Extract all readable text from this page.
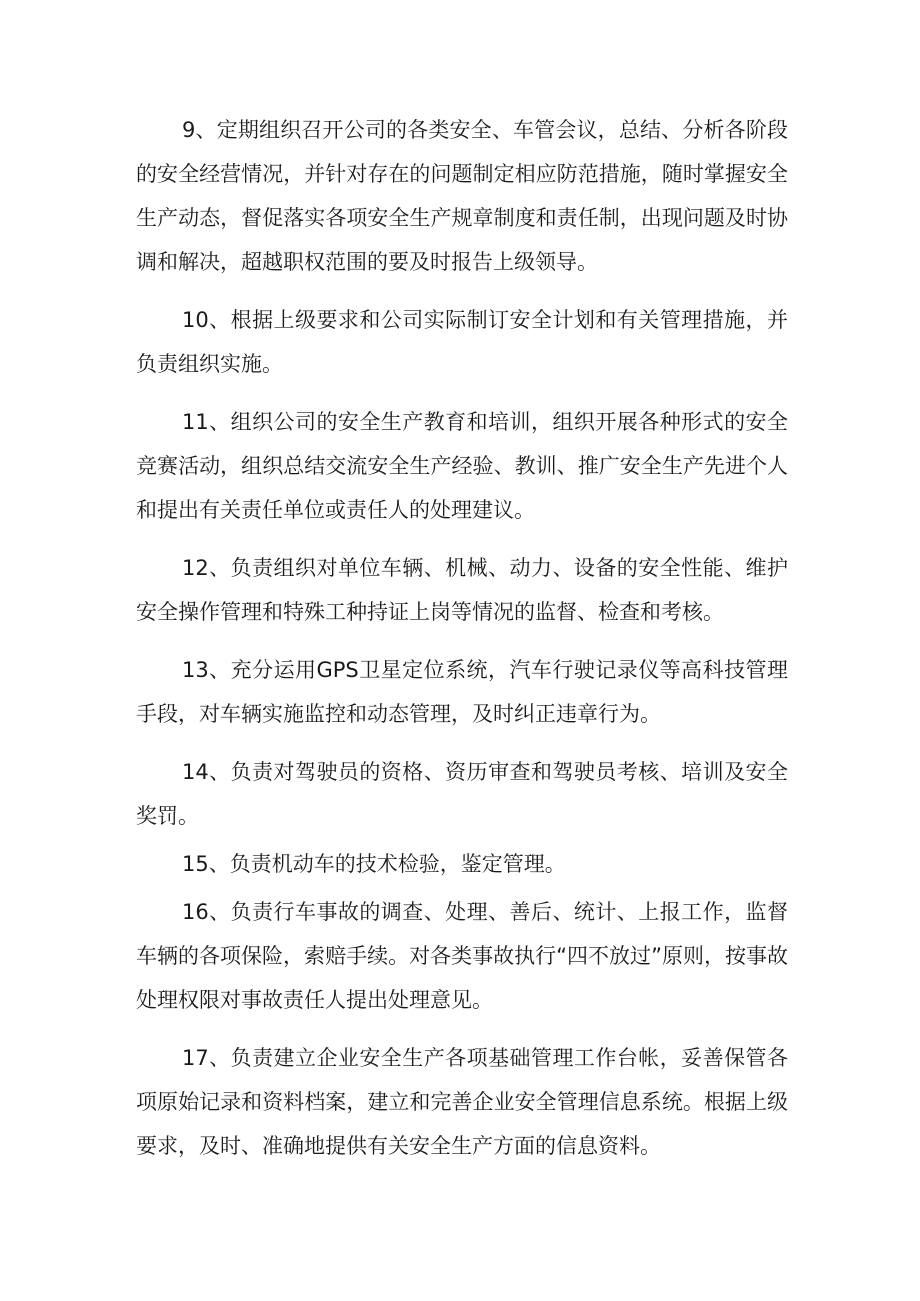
9、定期组织召开公司的各类安全、车管会议，总结、分析各阶段的安全经营情况，并针对存在的问题制定相应防范措施，随时掌握安全生产动态，督促落实各项安全生产规章制度和责任制，出现问题及时协调和解决，超越职权范围的要及时报告上级领导。

10、根据上级要求和公司实际制订安全计划和有关管理措施，并负责组织实施。

11、组织公司的安全生产教育和培训，组织开展各种形式的安全竞赛活动，组织总结交流安全生产经验、教训、推广安全生产先进个人和提出有关责任单位或责任人的处理建议。

12、负责组织对单位车辆、机械、动力、设备的安全性能、维护安全操作管理和特殊工种持证上岗等情况的监督、检查和考核。

13、充分运用GPS卫星定位系统，汽车行驶记录仪等高科技管理手段，对车辆实施监控和动态管理，及时纠正违章行为。

14、负责对驾驶员的资格、资历审查和驾驶员考核、培训及安全奖罚。

15、负责机动车的技术检验，鉴定管理。

16、负责行车事故的调查、处理、善后、统计、上报工作，监督车辆的各项保险，索赔手续。对各类事故执行“四不放过”原则，按事故处理权限对事故责任人提出处理意见。

17、负责建立企业安全生产各项基础管理工作台帐，妥善保管各项原始记录和资料档案，建立和完善企业安全管理信息系统。根据上级要求，及时、准确地提供有关安全生产方面的信息资料。
